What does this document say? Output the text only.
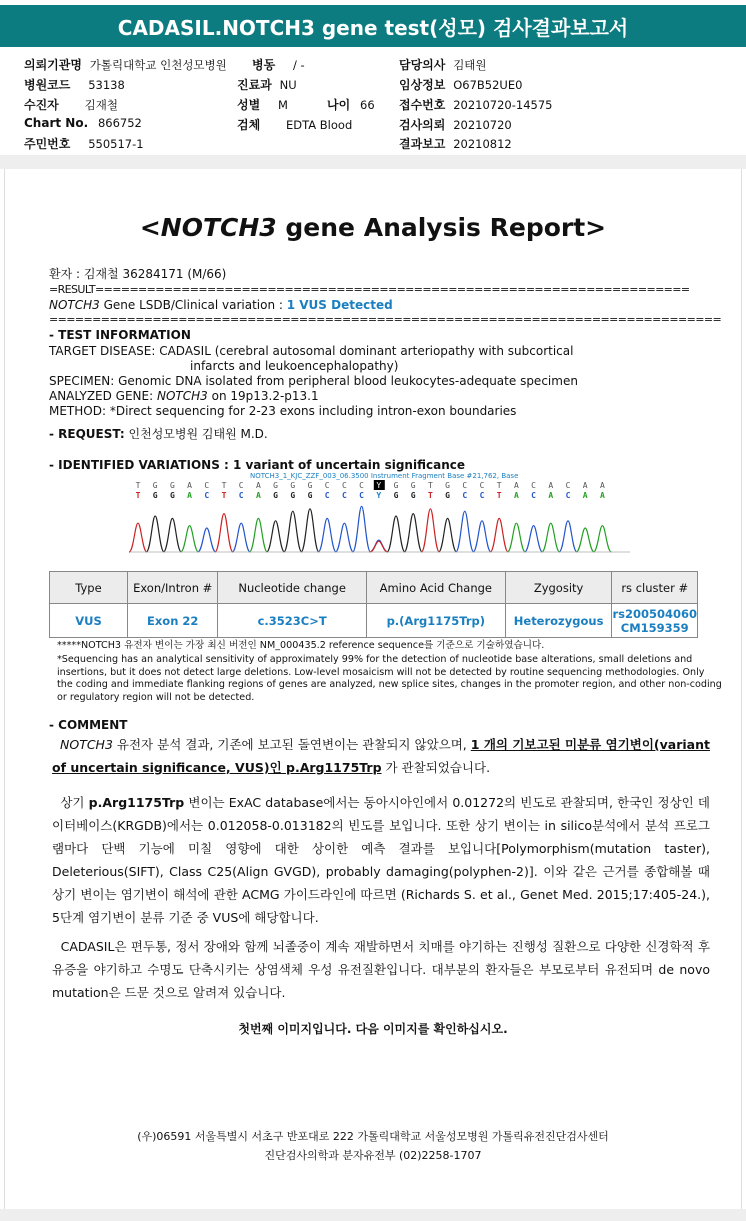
CADASIL.NOTCH3 gene test(성모) 검사결과보고서
의뢰기관명 가톨릭대학교 인천성모병원 병동 / -	담당의사 김태원
병원코드 53138	진료과 NU	임상정보 O67B52UE0
수진자 김재철	성별 M	나이 66 접수번호 20210720-14575
Chart No. 866752	검체 EDTA Blood	검사의뢰 20210720
주민번호 550517-1	결과보고 20210812
<NOTCH3 gene Analysis Report>
환자 : 김재철 36284171 (M/66)
=RESULT=====================================================================
NOTCH3 Gene LSDB/Clinical variation : 1 VUS Detected
==============================================================================
- TEST INFORMATION
TARGET DISEASE: CADASIL (cerebral autosomal dominant arteriopathy with subcortical
infarcts and leukoencephalopathy)
SPECIMEN: Genomic DNA isolated from peripheral blood leukocytes-adequate specimen
ANALYZED GENE: NOTCH3 on 19p13.2-p13.1
METHOD: *Direct sequencing for 2-23 exons including intron-exon boundaries
- REQUEST: 인천성모병원 김태원 M.D.
- IDENTIFIED VARIATIONS : 1 variant of uncertain significance
NOTCH3_1_KJC_ZZF_003_06.3500 Instrument Fragment Base #21,762, Base
T G G A C T C A G G G C C C Y G G T G C C T A C A C A A
T G G A C T C A G G G C C C Y G G T G C C T A C A C A A
Type	Exon/Intron #	Nucleotide change	Amino Acid Change	Zygosity	rs cluster #
VUS	Exon 22	c.3523C>T	p.(Arg1175Trp)	Heterozygous	rs200504060
CM159359
*****NOTCH3 유전자 변이는 가장 최신 버전인 NM_000435.2 reference sequence를 기준으로 기술하였습니다.
*Sequencing has an analytical sensitivity of approximately 99% for the detection of nucleotide base alterations, small deletions and insertions, but it does not detect large deletions. Low-level mosaicism will not be detected by routine sequencing methodologies. Only the coding and immediate flanking regions of genes are analyzed, new splice sites, changes in the promoter region, and other non-coding or regulatory region will not be detected.
- COMMENT
NOTCH3 유전자 분석 결과, 기존에 보고된 돌연변이는 관찰되지 않았으며, 1 개의 기보고된 미분류 염기변이(variant of uncertain significance, VUS)인 p.Arg1175Trp 가 관찰되었습니다.
상기 p.Arg1175Trp 변이는 ExAC database에서는 동아시아인에서 0.01272의 빈도로 관찰되며, 한국인 정상인 데이터베이스(KRGDB)에서는 0.012058-0.013182의 빈도를 보입니다. 또한 상기 변이는 in silico분석에서 분석 프로그램마다 단백 기능에 미칠 영향에 대한 상이한 예측 결과를 보입니다[Polymorphism(mutation taster), Deleterious(SIFT), Class C25(Align GVGD), probably damaging(polyphen-2)]. 이와 같은 근거를 종합해볼 때 상기 변이는 염기변이 해석에 관한 ACMG 가이드라인에 따르면 (Richards S. et al., Genet Med. 2015;17:405-24.), 5단계 염기변이 분류 기준 중 VUS에 해당합니다.
CADASIL은 편두통, 정서 장애와 함께 뇌졸중이 계속 재발하면서 치매를 야기하는 진행성 질환으로 다양한 신경학적 후유증을 야기하고 수명도 단축시키는 상염색체 우성 유전질환입니다. 대부분의 환자들은 부모로부터 유전되며 de novo mutation은 드문 것으로 알려져 있습니다.
첫번째 이미지입니다. 다음 이미지를 확인하십시오.
(우)06591 서울특별시 서초구 반포대로 222 가톨릭대학교 서울성모병원 가톨릭유전진단검사센터
진단검사의학과 분자유전부 (02)2258-1707
